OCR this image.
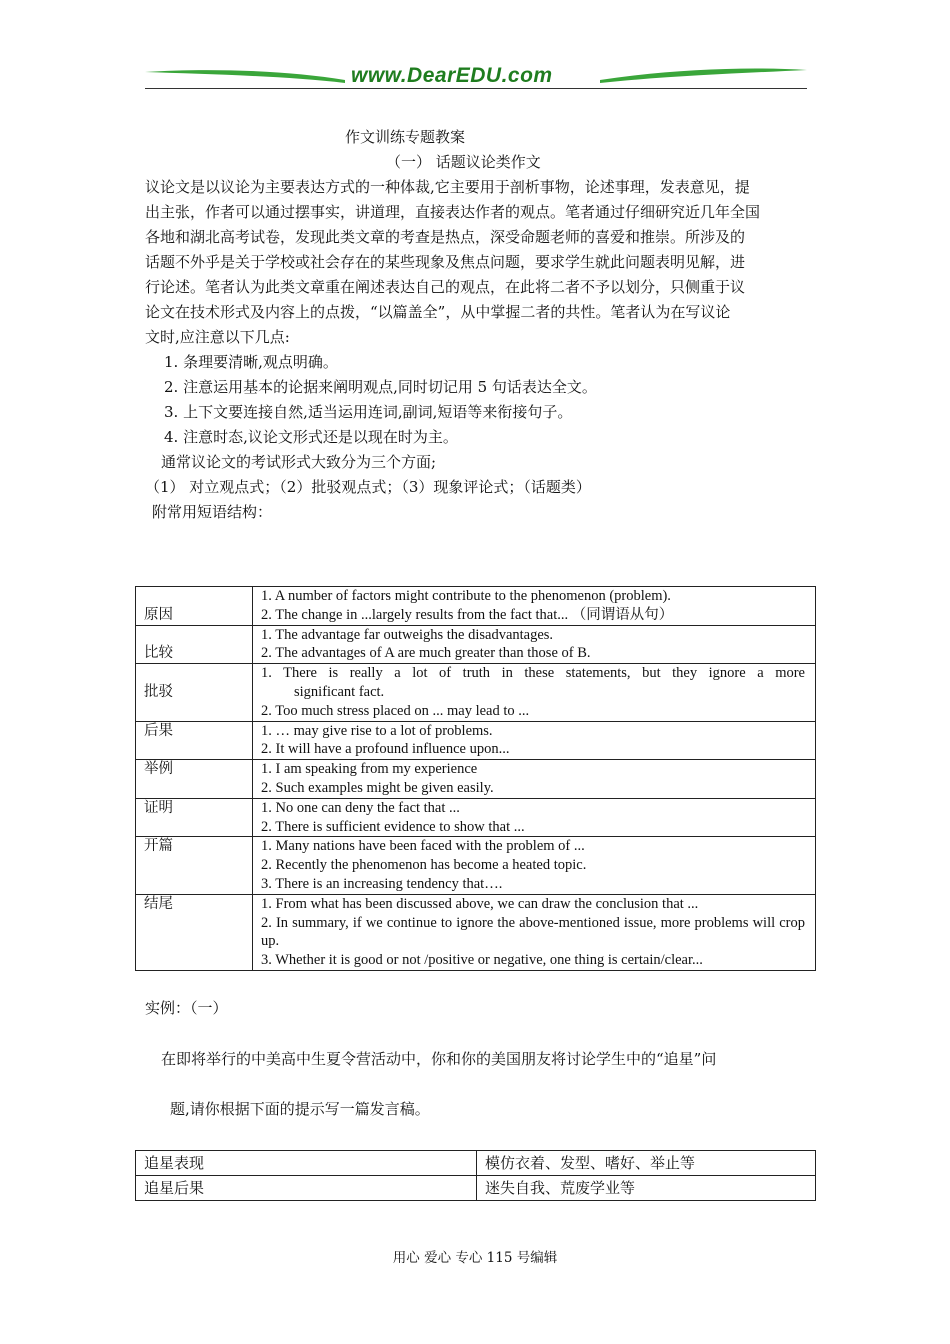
www.DearEDU.com
作文训练专题教案
（一） 话题议论类作文
议论文是以议论为主要表达方式的一种体裁,它主要用于剖析事物，论述事理，发表意见，提
出主张，作者可以通过摆事实，讲道理，直接表达作者的观点。笔者通过仔细研究近几年全国
各地和湖北高考试卷，发现此类文章的考查是热点，深受命题老师的喜爱和推崇。所涉及的
话题不外乎是关于学校或社会存在的某些现象及焦点问题，要求学生就此问题表明见解，进
行论述。笔者认为此类文章重在阐述表达自己的观点，在此将二者不予以划分，只侧重于议
论文在技术形式及内容上的点拨，“以篇盖全”，从中掌握二者的共性。笔者认为在写议论
文时,应注意以下几点:
1. 条理要清晰,观点明确。
2. 注意运用基本的论据来阐明观点,同时切记用 5 句话表达全文。
3. 上下文要连接自然,适当运用连词,副词,短语等来衔接句子。
4. 注意时态,议论文形式还是以现在时为主。
通常议论文的考试形式大致分为三个方面;
（1） 对立观点式；（2）批驳观点式；（3）现象评论式；（话题类）
附常用短语结构：
原因	1. A number of factors might contribute to the phenomenon (problem).
2. The change in ...largely results from the fact that... （同谓语从句）

比较	1. The advantage far outweighs the disadvantages.
2. The advantages of A are much greater than those of B.

批驳	1. There is really a lot of truth in these statements, but they ignore a more
significant fact.
2. Too much stress placed on ... may lead to ...

后果	1. … may give rise to a lot of problems.
2. It will have a profound influence upon...

举例	1. I am speaking from my experience
2. Such examples might be given easily.

证明	1. No one can deny the fact that ...
2. There is sufficient evidence to show that ...

开篇	1. Many nations have been faced with the problem of ...
2. Recently the phenomenon has become a heated topic.
3. There is an increasing tendency that….

结尾	1. From what has been discussed above, we can draw the conclusion that ...
2. In summary, if we continue to ignore the above-mentioned issue, more problems will crop up.
3. Whether it is good or not /positive or negative, one thing is certain/clear...
实例：（一）
在即将举行的中美高中生夏令营活动中，你和你的美国朋友将讨论学生中的“追星”问
题,请你根据下面的提示写一篇发言稿。
追星表现	模仿衣着、发型、嗜好、举止等
追星后果	迷失自我、荒废学业等
用心 爱心 专心 115 号编辑
